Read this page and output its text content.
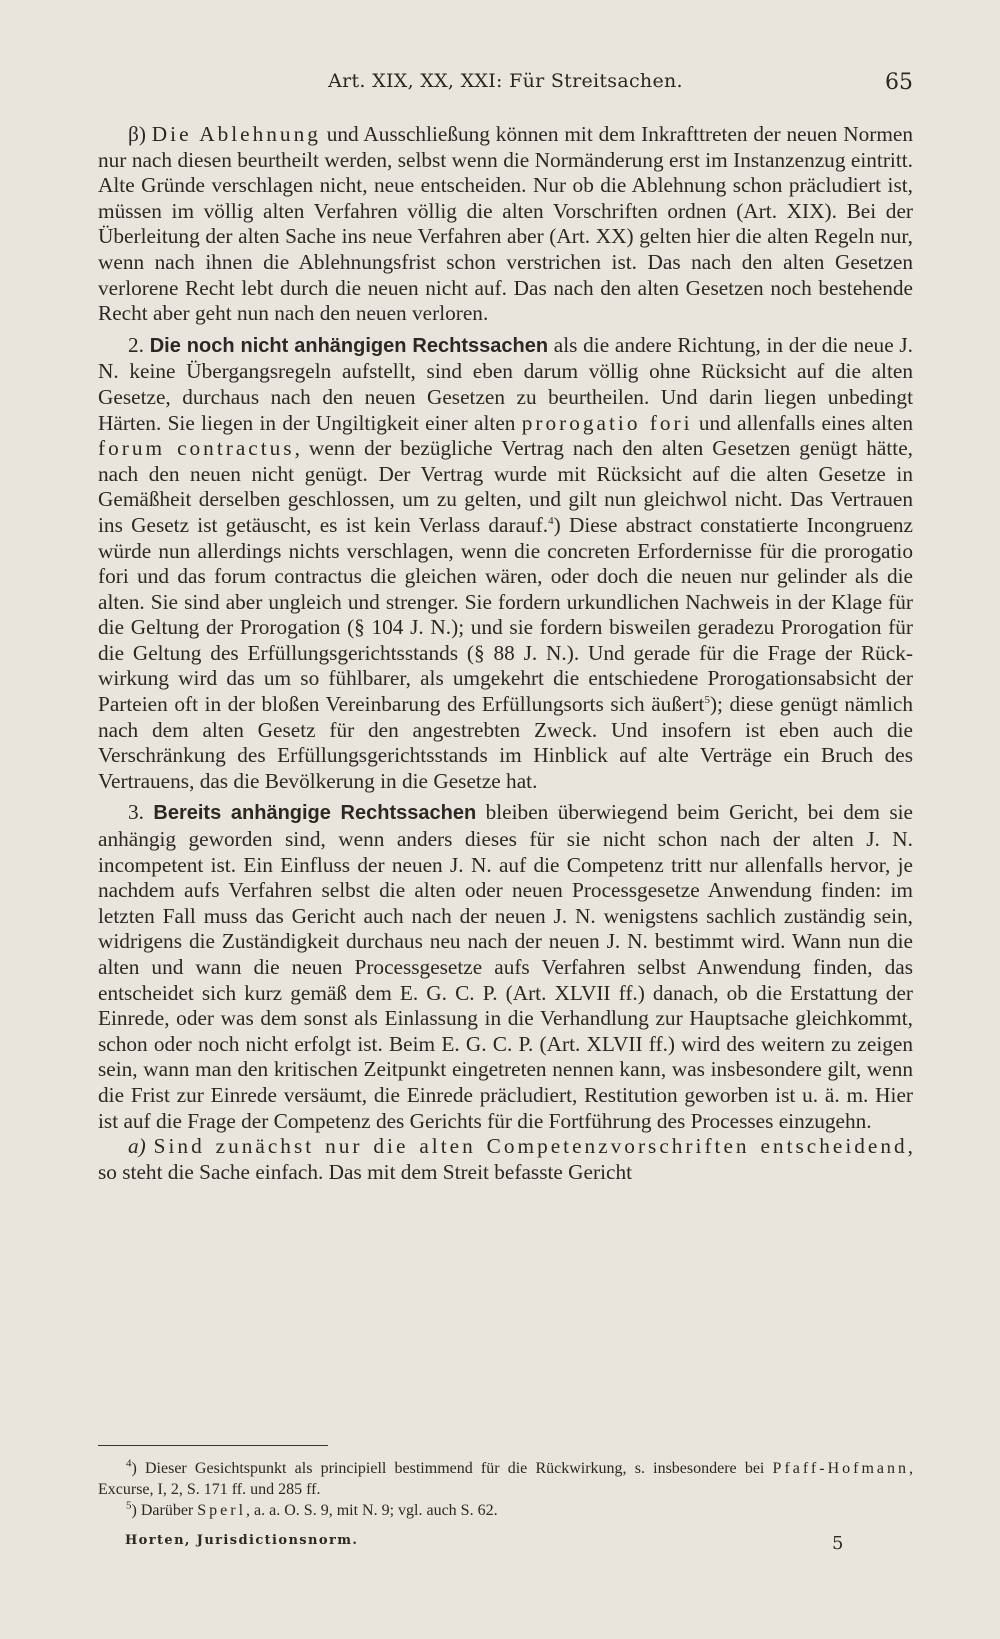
Art. XIX, XX, XXI: Für Streitsachen.	65

β) Die Ablehnung und Ausschließung können mit dem Inkrafttreten der neuen Normen nur nach diesen beurtheilt werden, selbst wenn die Normänderung erst im Instanzenzug eintritt. Alte Gründe verschlagen nicht, neue entscheiden. Nur ob die Ablehnung schon präcludiert ist, müssen im völlig alten Verfahren völlig die alten Vorschriften ordnen (Art. XIX). Bei der Überleitung der alten Sache ins neue Verfahren aber (Art. XX) gelten hier die alten Regeln nur, wenn nach ihnen die Ablehnungsfrist schon verstrichen ist. Das nach den alten Gesetzen verlorene Recht lebt durch die neuen nicht auf. Das nach den alten Gesetzen noch bestehende Recht aber geht nun nach den neuen verloren.

2. Die noch nicht anhängigen Rechtssachen als die andere Richtung, in der die neue J. N. keine Übergangsregeln aufstellt, sind eben darum völlig ohne Rücksicht auf die alten Gesetze, durchaus nach den neuen Gesetzen zu beurtheilen. Und darin liegen unbedingt Härten. Sie liegen in der Ungiltigkeit einer alten prorogatio fori und allenfalls eines alten forum contractus, wenn der bezügliche Vertrag nach den alten Gesetzen genügt hätte, nach den neuen nicht genügt. Der Vertrag wurde mit Rücksicht auf die alten Gesetze in Gemäßheit derselben geschlossen, um zu gelten, und gilt nun gleichwol nicht. Das Vertrauen ins Gesetz ist getäuscht, es ist kein Verlass darauf.$^4$) Diese abstract constatierte Incongruenz würde nun allerdings nichts verschlagen, wenn die concreten Erfordernisse für die prorogatio fori und das forum contractus die gleichen wären, oder doch die neuen nur gelinder als die alten. Sie sind aber ungleich und strenger. Sie fordern urkundlichen Nachweis in der Klage für die Geltung der Prorogation (§ 104 J. N.); und sie fordern bisweilen geradezu Prorogation für die Geltung des Erfüllungsgerichtsstands (§ 88 J. N.). Und gerade für die Frage der Rückwirkung wird das um so fühlbarer, als umgekehrt die entschiedene Prorogationsabsicht der Parteien oft in der bloßen Vereinbarung des Erfüllungsorts sich äußert$^5$); diese genügt nämlich nach dem alten Gesetz für den angestrebten Zweck. Und insofern ist eben auch die Verschränkung des Erfüllungsgerichtsstands im Hinblick auf alte Verträge ein Bruch des Vertrauens, das die Bevölkerung in die Gesetze hat.

3. Bereits anhängige Rechtssachen bleiben überwiegend beim Gericht, bei dem sie anhängig geworden sind, wenn anders dieses für sie nicht schon nach der alten J. N. incompetent ist. Ein Einfluss der neuen J. N. auf die Competenz tritt nur allenfalls hervor, je nachdem aufs Verfahren selbst die alten oder neuen Processgesetze Anwendung finden: im letzten Fall muss das Gericht auch nach der neuen J. N. wenigstens sachlich zuständig sein, widrigens die Zuständigkeit durchaus neu nach der neuen J. N. bestimmt wird. Wann nun die alten und wann die neuen Processgesetze aufs Verfahren selbst Anwendung finden, das entscheidet sich kurz gemäß dem E. G. C. P. (Art. XLVII ff.) danach, ob die Erstattung der Einrede, oder was dem sonst als Einlassung in die Verhandlung zur Hauptsache gleichkommt, schon oder noch nicht erfolgt ist. Beim E. G. C. P. (Art. XLVII ff.) wird des weitern zu zeigen sein, wann man den kritischen Zeitpunkt eingetreten nennen kann, was insbesondere gilt, wenn die Frist zur Einrede versäumt, die Einrede präcludiert, Restitution geworben ist u. ä. m. Hier ist auf die Frage der Competenz des Gerichts für die Fortführung des Processes einzugehn.

a) Sind zunächst nur die alten Competenzvorschriften entscheidend, so steht die Sache einfach. Das mit dem Streit befasste Gericht

$^4$) Dieser Gesichtspunkt als principiell bestimmend für die Rückwirkung, s. insbesondere bei Pfaff-Hofmann, Excurse, I, 2, S. 171 ff. und 285 ff.

$^5$) Darüber Sperl, a. a. O. S. 9, mit N. 9; vgl. auch S. 62.

Horten, Jurisdictionsnorm.	5
